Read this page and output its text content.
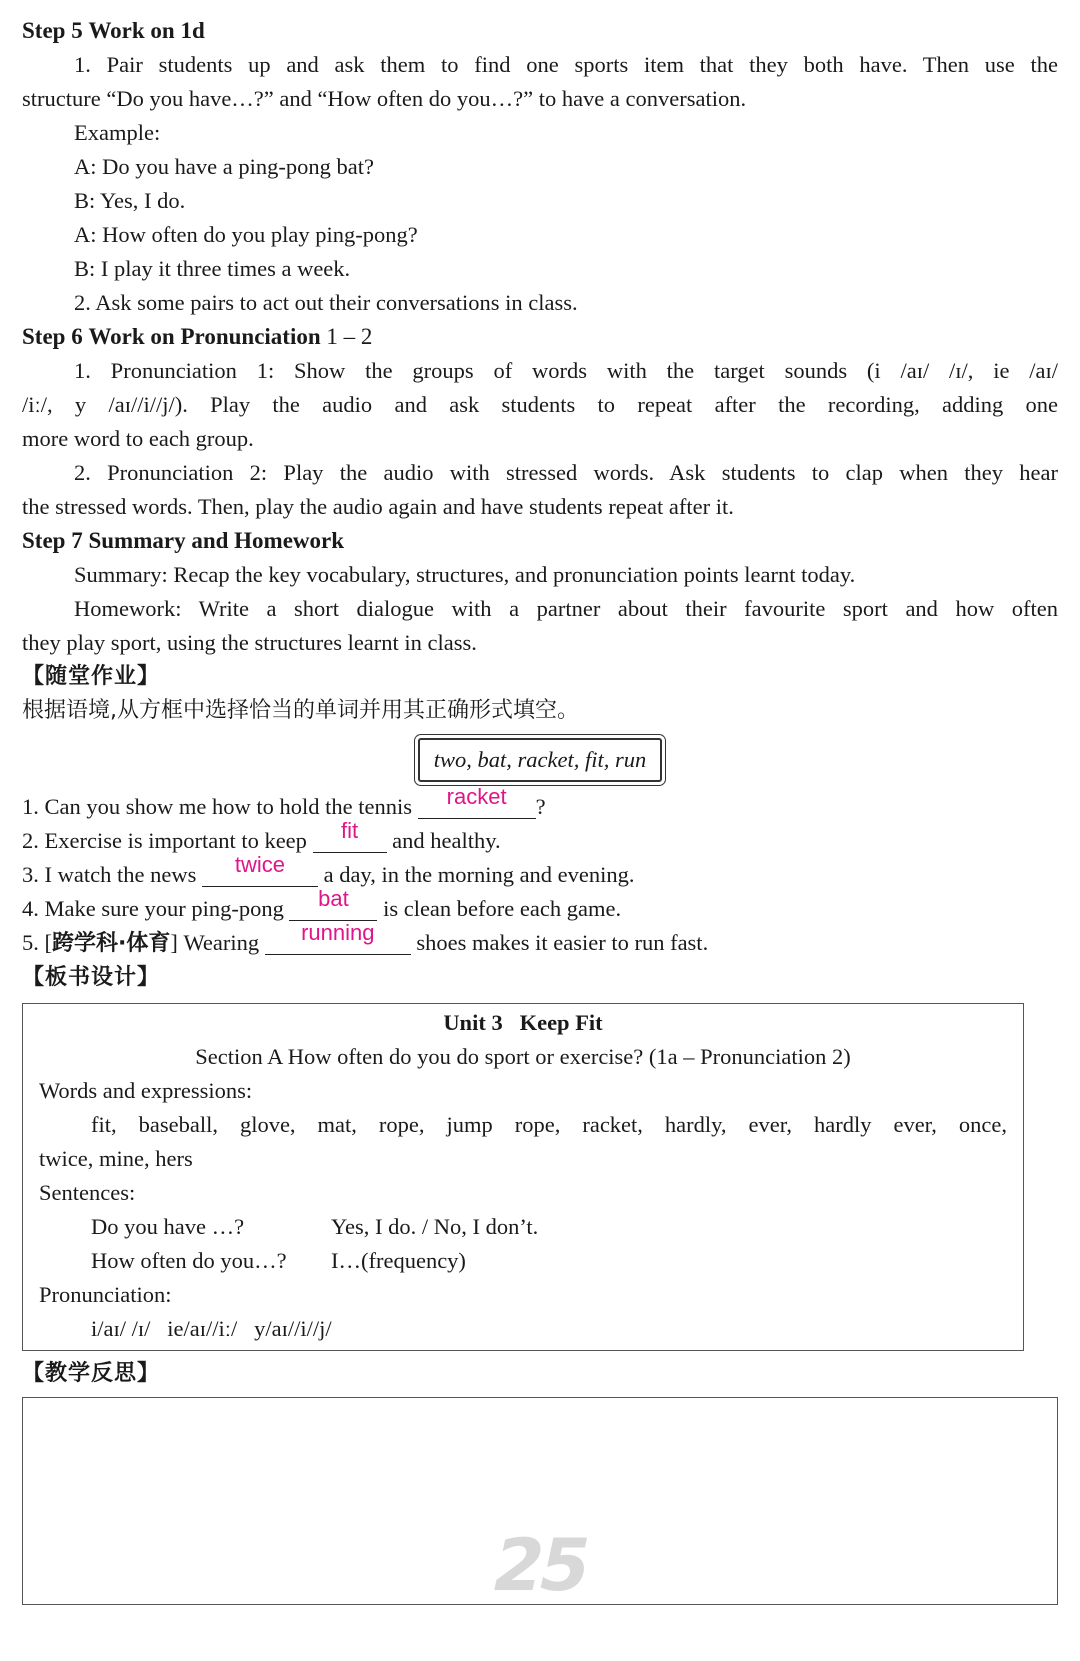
Step 5 Work on 1d
1. Pair students up and ask them to find one sports item that they both have. Then use the
structure “Do you have…?” and “How often do you…?” to have a conversation.
Example:
A: Do you have a ping-pong bat?
B: Yes, I do.
A: How often do you play ping-pong?
B: I play it three times a week.
2. Ask some pairs to act out their conversations in class.
Step 6 Work on Pronunciation 1 – 2
1. Pronunciation 1: Show the groups of words with the target sounds (i /aɪ/ /ɪ/, ie /aɪ/
/iː/, y /aɪ//i//j/). Play the audio and ask students to repeat after the recording, adding one
more word to each group.
2. Pronunciation 2: Play the audio with stressed words. Ask students to clap when they hear
the stressed words. Then, play the audio again and have students repeat after it.
Step 7 Summary and Homework
Summary: Recap the key vocabulary, structures, and pronunciation points learnt today.
Homework: Write a short dialogue with a partner about their favourite sport and how often
they play sport, using the structures learnt in class.
【随堂作业】
根据语境,从方框中选择恰当的单词并用其正确形式填空。
two, bat, racket, fit, run
1. Can you show me how to hold the tennis racket ?
2. Exercise is important to keep fit and healthy.
3. I watch the news twice a day, in the morning and evening.
4. Make sure your ping-pong bat is clean before each game.
5. [跨学科·体育] Wearing running shoes makes it easier to run fast.
【板书设计】
Unit 3 Keep Fit
Section A How often do you do sport or exercise? (1a – Pronunciation 2)
Words and expressions:
fit, baseball, glove, mat, rope, jump rope, racket, hardly, ever, hardly ever, once,
twice, mine, hers
Sentences:
Do you have …?	Yes, I do. / No, I don’t.
How often do you…? I…(frequency)
Pronunciation:
i/aɪ/ /ɪ/   ie/aɪ//iː/   y/aɪ//i//j/
【教学反思】
25
